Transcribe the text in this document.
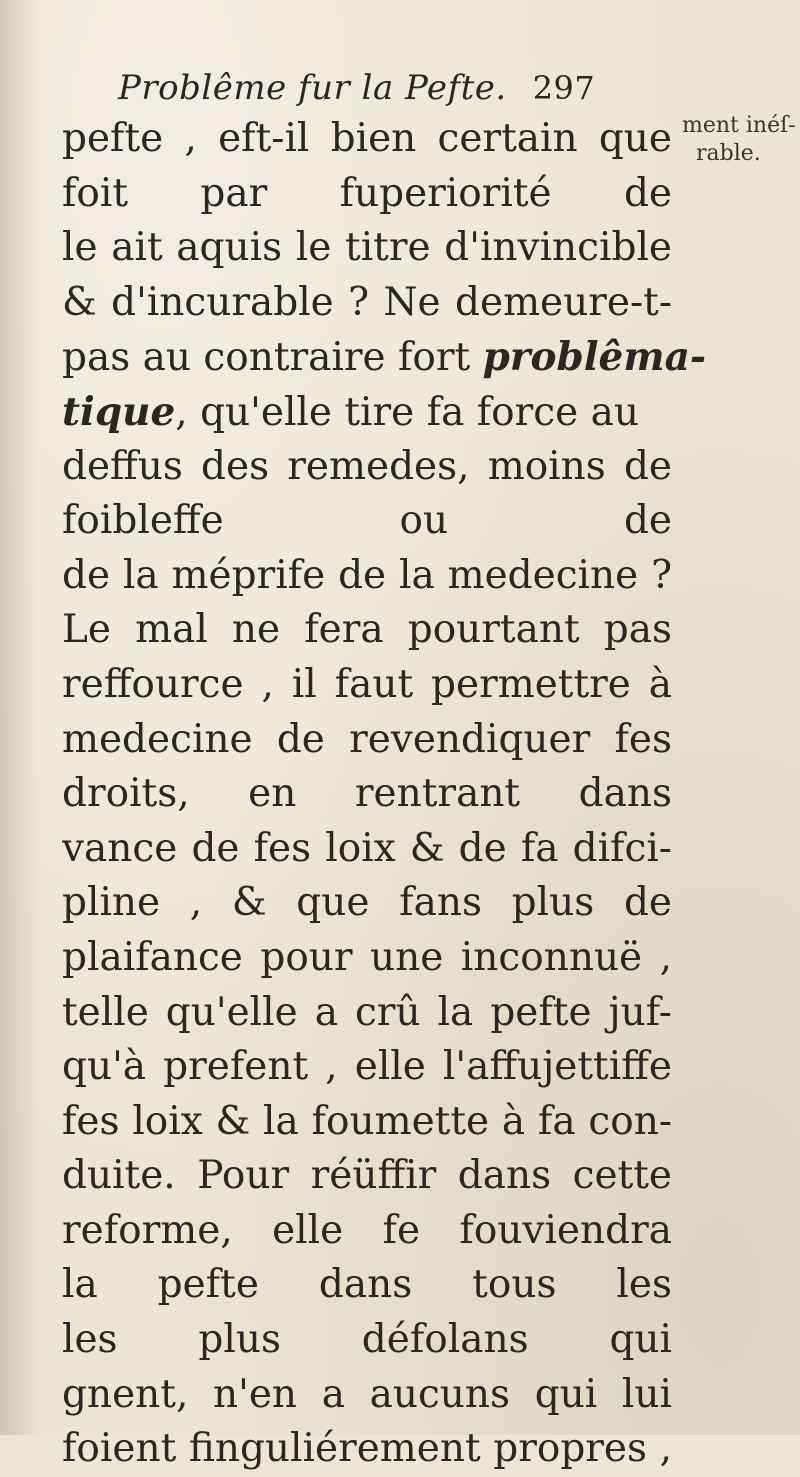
Problême fur la Pefte. 297
ment inéſ-
rable.
pefte , eft-il bien certain que
foit par fuperiorité de
le ait aquis le titre d'invincible
& d'incurable ? Ne demeure-t-
pas au contraire fort problêma-
tique, qu'elle tire fa force au
deffus des remedes, moins de
foibleffe ou de
de la méprife de la medecine ?
Le mal ne fera pourtant pas
reffource , il faut permettre à
medecine de revendiquer fes
droits, en rentrant dans
vance de fes loix & de fa difci-
pline , & que fans plus de
plaifance pour une inconnuë ,
telle qu'elle a crû la pefte juf-
qu'à prefent , elle l'affujettiffe
fes loix & la foumette à fa con-
duite. Pour réüffir dans cette
reforme, elle fe fouviendra
la pefte dans tous les
les plus défolans qui
gnent, n'en a aucuns qui lui
foient finguliérement propres ,
